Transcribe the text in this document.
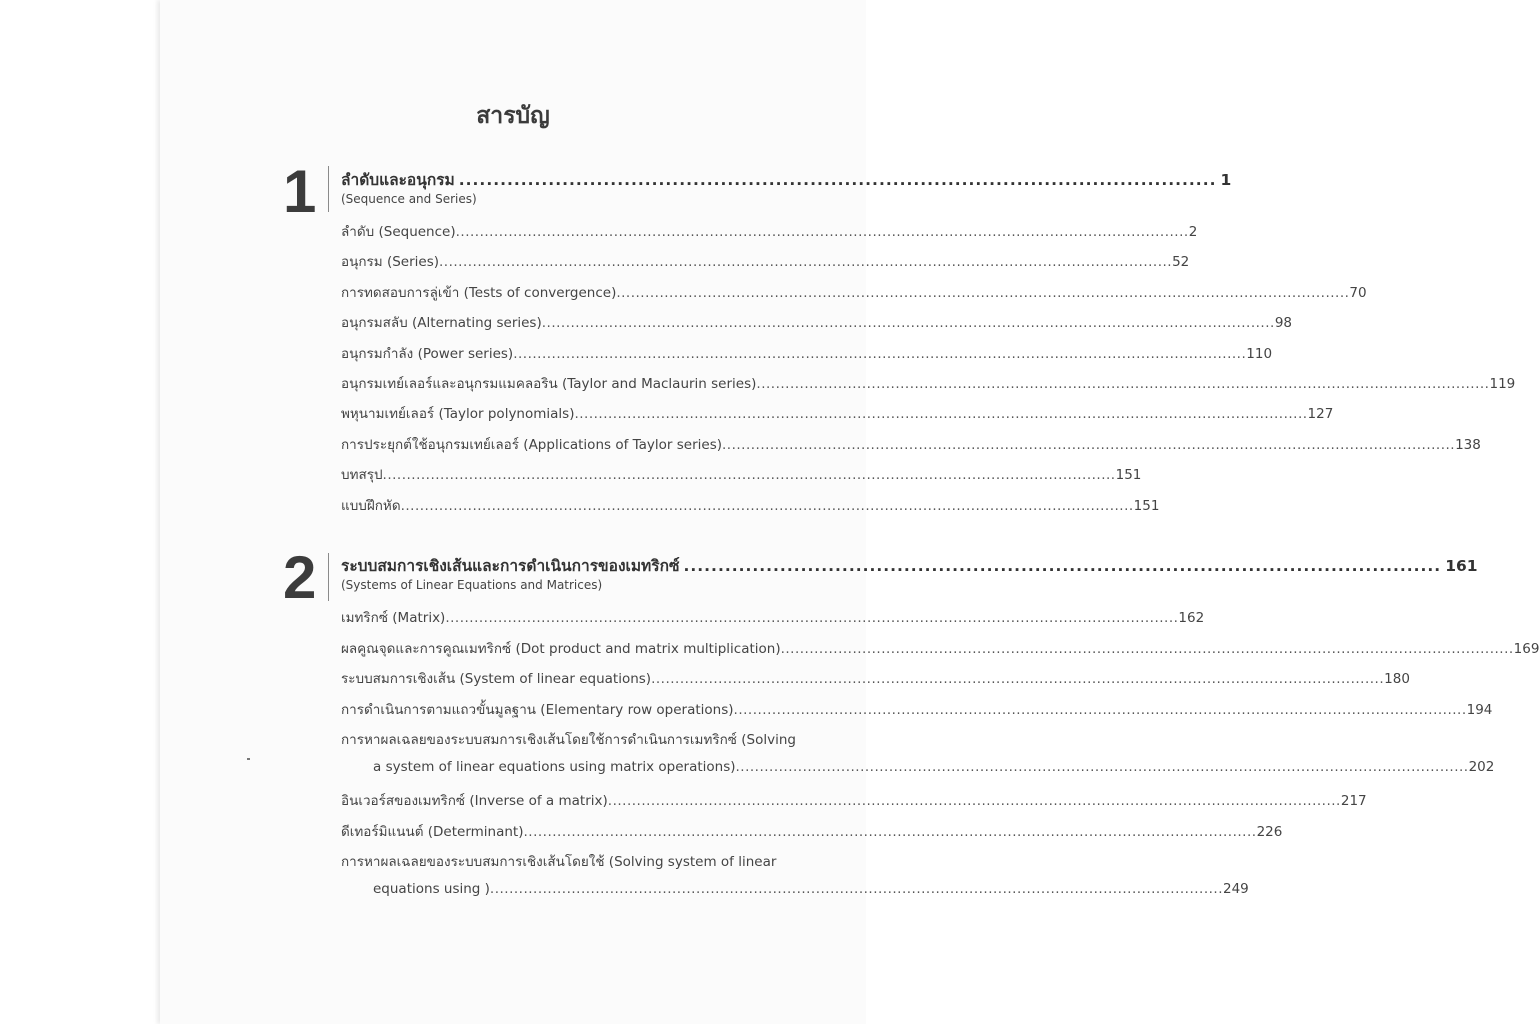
สารบัญ
1 ลำดับและอนุกรม .............................................................................................................. 1
(Sequence and Series)
ลำดับ (Sequence) ......................................................................................................................................................... 2
อนุกรม (Series) ......................................................................................................................................................... 52
การทดสอบการลู่เข้า (Tests of convergence) ......................................................................................................................................................... 70
อนุกรมสลับ (Alternating series) ......................................................................................................................................................... 98
อนุกรมกำลัง (Power series) ......................................................................................................................................................... 110
อนุกรมเทย์เลอร์และอนุกรมแมคลอริน (Taylor and Maclaurin series) ......................................................................................................................................................... 119
พหุนามเทย์เลอร์ (Taylor polynomials) ......................................................................................................................................................... 127
การประยุกต์ใช้อนุกรมเทย์เลอร์ (Applications of Taylor series) ......................................................................................................................................................... 138
บทสรุป ......................................................................................................................................................... 151
แบบฝึกหัด ......................................................................................................................................................... 151
2 ระบบสมการเชิงเส้นและการดำเนินการของเมทริกซ์ .............................................................................................................. 161
(Systems of Linear Equations and Matrices)
เมทริกซ์ (Matrix) ......................................................................................................................................................... 162
ผลคูณจุดและการคูณเมทริกซ์ (Dot product and matrix multiplication) ......................................................................................................................................................... 169
ระบบสมการเชิงเส้น (System of linear equations) ......................................................................................................................................................... 180
การดำเนินการตามแถวขั้นมูลฐาน (Elementary row operations) ......................................................................................................................................................... 194
การหาผลเฉลยของระบบสมการเชิงเส้นโดยใช้การดำเนินการเมทริกซ์ (Solving
a system of linear equations using matrix operations) ......................................................................................................................................................... 202
อินเวอร์สของเมทริกซ์ (Inverse of a matrix) ......................................................................................................................................................... 217
ดีเทอร์มิแนนต์ (Determinant) ......................................................................................................................................................... 226
การหาผลเฉลยของระบบสมการเชิงเส้นโดยใช้ (Solving system of linear
equations using ) ......................................................................................................................................................... 249
